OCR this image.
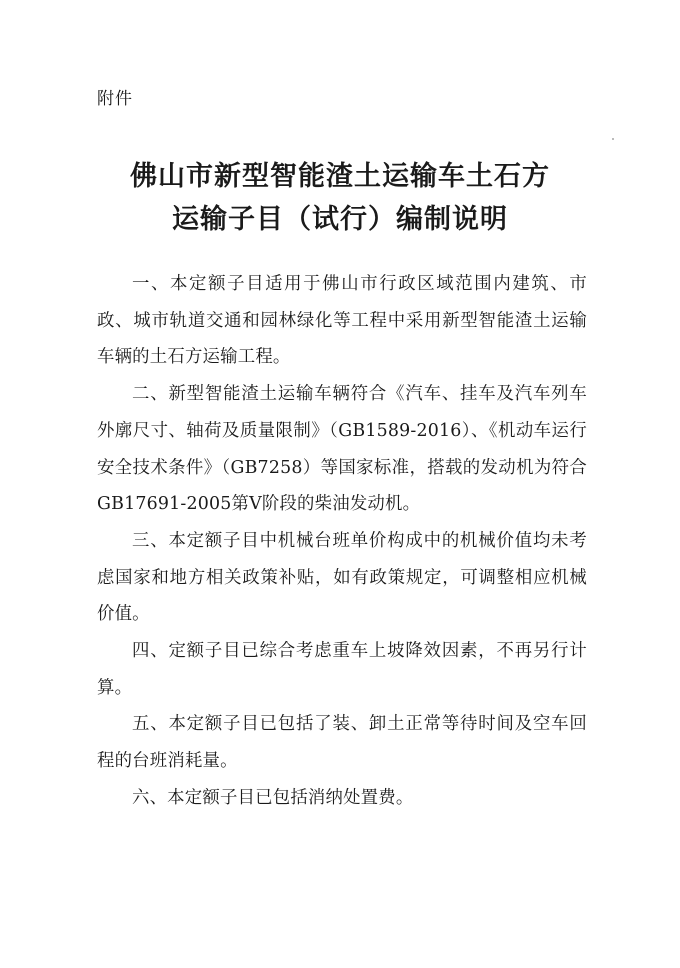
附件
佛山市新型智能渣土运输车土石方
运输子目（试行）编制说明

一、本定额子目适用于佛山市行政区域范围内建筑、市政、城市轨道交通和园林绿化等工程中采用新型智能渣土运输车辆的土石方运输工程。

二、新型智能渣土运输车辆符合《汽车、挂车及汽车列车外廓尺寸、轴荷及质量限制》（GB1589-2016）、《机动车运行安全技术条件》（GB7258）等国家标准，搭载的发动机为符合GB17691-2005第V阶段的柴油发动机。

三、本定额子目中机械台班单价构成中的机械价值均未考虑国家和地方相关政策补贴，如有政策规定，可调整相应机械价值。

四、定额子目已综合考虑重车上坡降效因素，不再另行计算。

五、本定额子目已包括了装、卸土正常等待时间及空车回程的台班消耗量。

六、本定额子目已包括消纳处置费。
